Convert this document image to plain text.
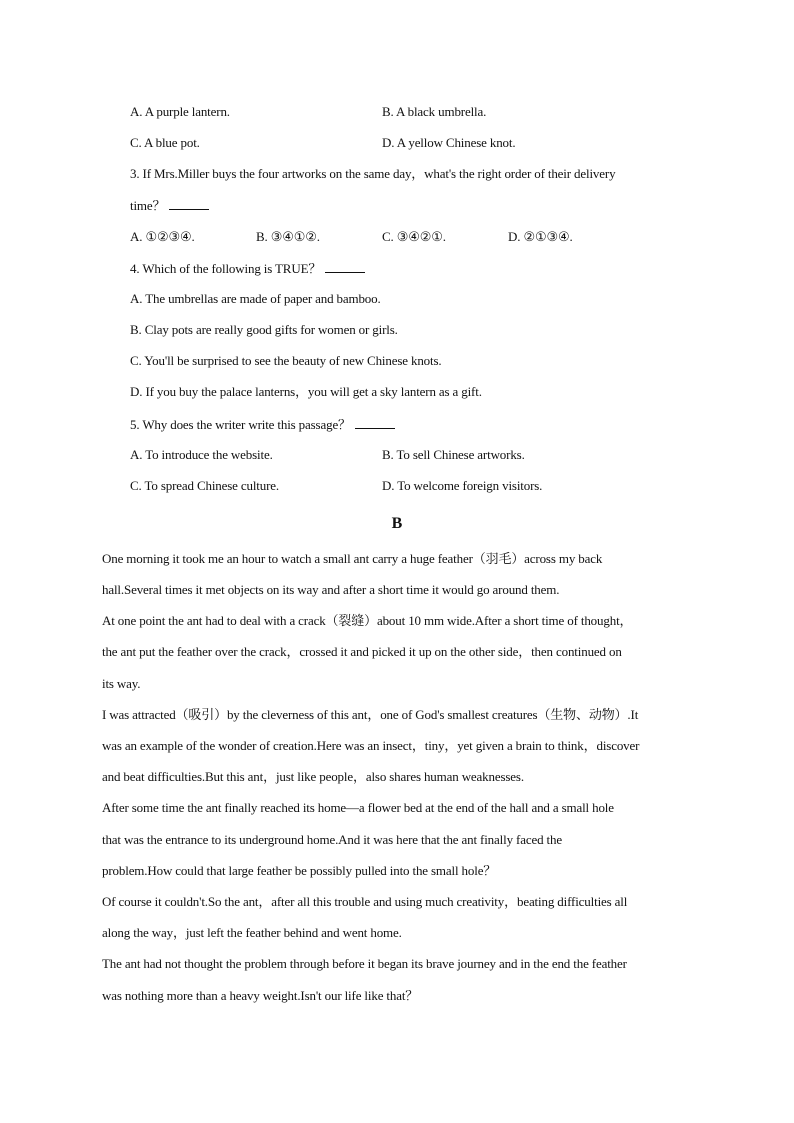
A. A purple lantern.	B. A black umbrella.
C. A blue pot.	D. A yellow Chinese knot.
3. If Mrs.Miller buys the four artworks on the same day，what's the right order of their delivery
time？
A. ①②③④.	B. ③④①②.	C. ③④②①.	D. ②①③④.
4. Which of the following is TRUE？
A. The umbrellas are made of paper and bamboo.
B. Clay pots are really good gifts for women or girls.
C. You'll be surprised to see the beauty of new Chinese knots.
D. If you buy the palace lanterns，you will get a sky lantern as a gift.
5. Why does the writer write this passage？
A. To introduce the website.	B. To sell Chinese artworks.
C. To spread Chinese culture.	D. To welcome foreign visitors.
B
One morning it took me an hour to watch a small ant carry a huge feather（羽毛）across my back
hall.Several times it met objects on its way and after a short time it would go around them.
At one point the ant had to deal with a crack（裂缝）about 10 mm wide.After a short time of thought，
the ant put the feather over the crack，crossed it and picked it up on the other side，then continued on
its way.
I was attracted（吸引）by the cleverness of this ant，one of God's smallest creatures（生物、动物）.It
was an example of the wonder of creation.Here was an insect，tiny，yet given a brain to think，discover
and beat difficulties.But this ant，just like people，also shares human weaknesses.
After some time the ant finally reached its home—a flower bed at the end of the hall and a small hole
that was the entrance to its underground home.And it was here that the ant finally faced the
problem.How could that large feather be possibly pulled into the small hole？
Of course it couldn't.So the ant，after all this trouble and using much creativity，beating difficulties all
along the way，just left the feather behind and went home.
The ant had not thought the problem through before it began its brave journey and in the end the feather
was nothing more than a heavy weight.Isn't our life like that？
